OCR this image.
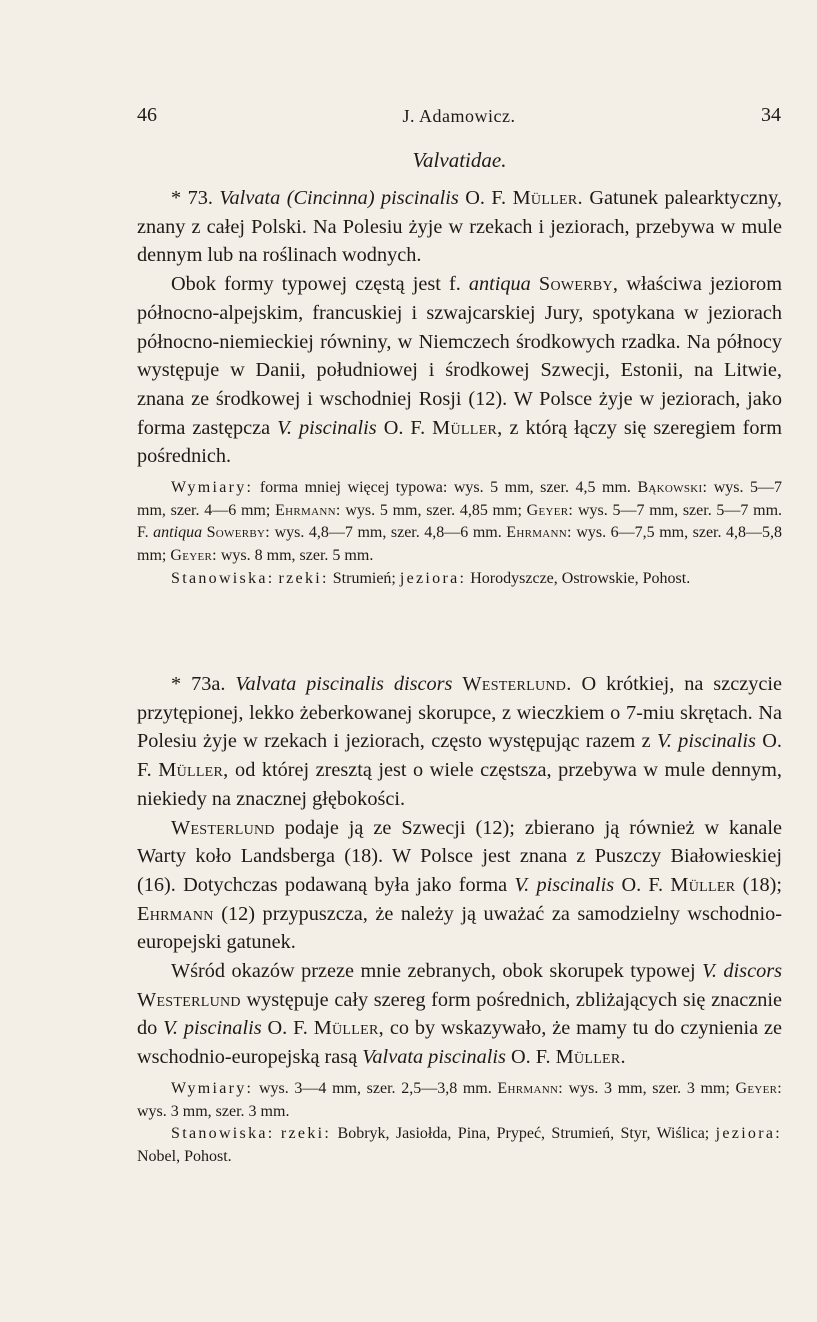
46	J. Adamowicz.	34
Valvatidae.

* 73. Valvata (Cincinna) piscinalis O. F. Müller. Gatunek palearktyczny, znany z całej Polski. Na Polesiu żyje w rzekach i jeziorach, przebywa w mule dennym lub na roślinach wodnych.

Obok formy typowej częstą jest f. antiqua Sowerby, właściwa jeziorom północno-alpejskim, francuskiej i szwajcarskiej Jury, spotykana w jeziorach północno-niemieckiej równiny, w Niemczech środkowych rzadka. Na północy występuje w Danii, południowej i środkowej Szwecji, Estonii, na Litwie, znana ze środkowej i wschodniej Rosji (12). W Polsce żyje w jeziorach, jako forma zastępcza V. piscinalis O. F. Müller, z którą łączy się szeregiem form pośrednich.

Wymiary: forma mniej więcej typowa: wys. 5 mm, szer. 4,5 mm. Bąkowski: wys. 5—7 mm, szer. 4—6 mm; Ehrmann: wys. 5 mm, szer. 4,85 mm; Geyer: wys. 5—7 mm, szer. 5—7 mm. F. antiqua Sowerby: wys. 4,8—7 mm, szer. 4,8—6 mm. Ehrmann: wys. 6—7,5 mm, szer. 4,8—5,8 mm; Geyer: wys. 8 mm, szer. 5 mm.

Stanowiska: rzeki: Strumień; jeziora: Horodyszcze, Ostrowskie, Pohost.

* 73a. Valvata piscinalis discors Westerlund. O krótkiej, na szczycie przytępionej, lekko żeberkowanej skorupce, z wieczkiem o 7-miu skrętach. Na Polesiu żyje w rzekach i jeziorach, często występując razem z V. piscinalis O. F. Müller, od której zresztą jest o wiele częstsza, przebywa w mule dennym, niekiedy na znacznej głębokości.

Westerlund podaje ją ze Szwecji (12); zbierano ją również w kanale Warty koło Landsberga (18). W Polsce jest znana z Puszczy Białowieskiej (16). Dotychczas podawaną była jako forma V. piscinalis O. F. Müller (18); Ehrmann (12) przypuszcza, że należy ją uważać za samodzielny wschodnio-europejski gatunek.

Wśród okazów przeze mnie zebranych, obok skorupek typowej V. discors Westerlund występuje cały szereg form pośrednich, zbliżających się znacznie do V. piscinalis O. F. Müller, co by wskazywało, że mamy tu do czynienia ze wschodnio-europejską rasą Valvata piscinalis O. F. Müller.

Wymiary: wys. 3—4 mm, szer. 2,5—3,8 mm. Ehrmann: wys. 3 mm, szer. 3 mm; Geyer: wys. 3 mm, szer. 3 mm.

Stanowiska: rzeki: Bobryk, Jasiołda, Pina, Prypeć, Strumień, Styr, Wiślica; jeziora: Nobel, Pohost.
